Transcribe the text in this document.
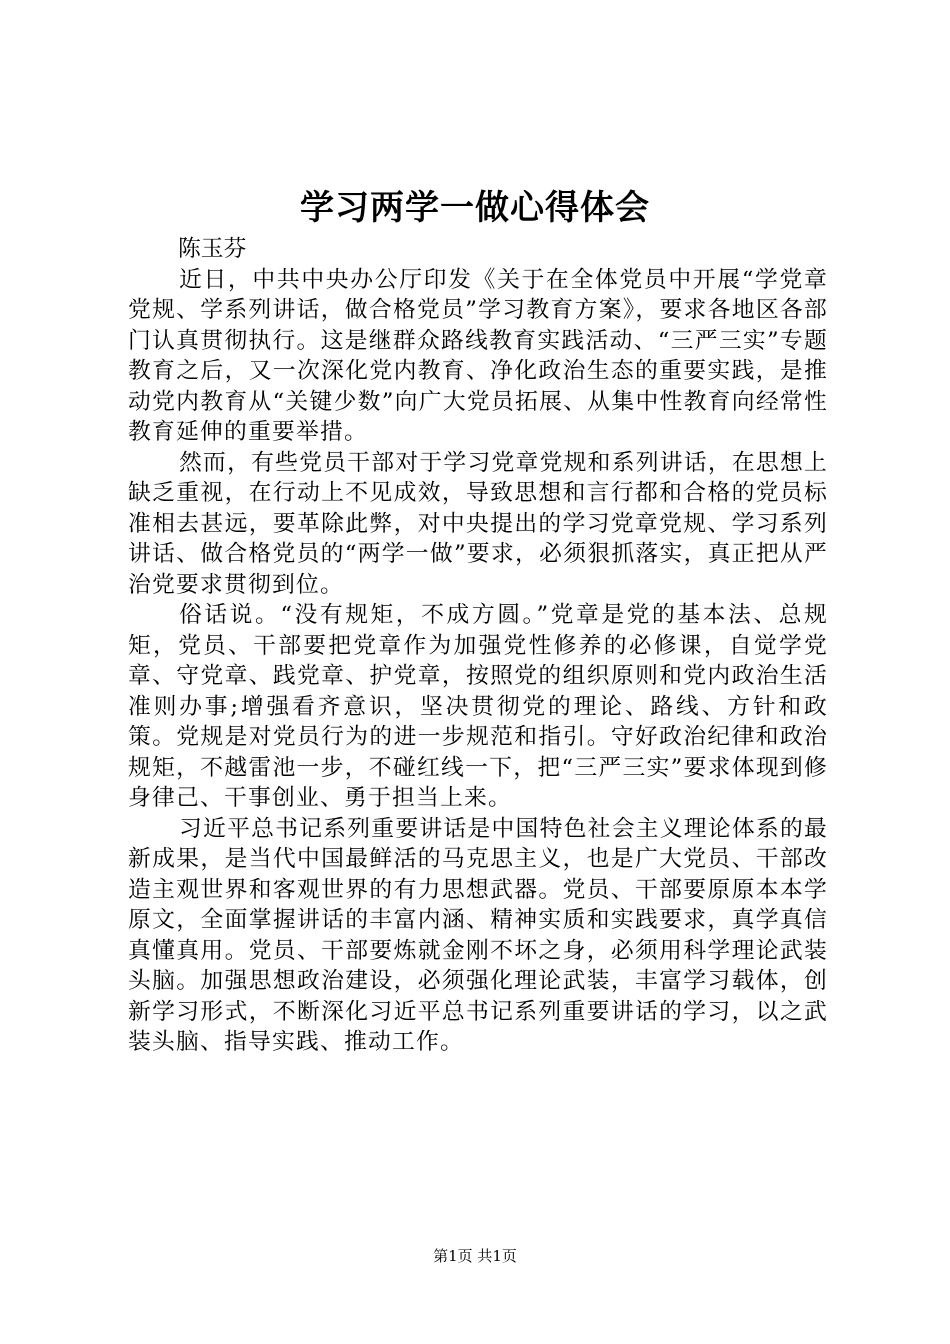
学习两学一做心得体会

陈玉芬

近日，中共中央办公厅印发《关于在全体党员中开展“学党章党规、学系列讲话，做合格党员”学习教育方案》，要求各地区各部门认真贯彻执行。这是继群众路线教育实践活动、“三严三实”专题教育之后，又一次深化党内教育、净化政治生态的重要实践，是推动党内教育从“关键少数”向广大党员拓展、从集中性教育向经常性教育延伸的重要举措。

然而，有些党员干部对于学习党章党规和系列讲话，在思想上缺乏重视，在行动上不见成效，导致思想和言行都和合格的党员标准相去甚远，要革除此弊，对中央提出的学习党章党规、学习系列讲话、做合格党员的“两学一做”要求，必须狠抓落实，真正把从严治党要求贯彻到位。

俗话说。“没有规矩，不成方圆。”党章是党的基本法、总规矩，党员、干部要把党章作为加强党性修养的必修课，自觉学党章、守党章、践党章、护党章，按照党的组织原则和党内政治生活准则办事;增强看齐意识，坚决贯彻党的理论、路线、方针和政策。党规是对党员行为的进一步规范和指引。守好政治纪律和政治规矩，不越雷池一步，不碰红线一下，把“三严三实”要求体现到修身律己、干事创业、勇于担当上来。

习近平总书记系列重要讲话是中国特色社会主义理论体系的最新成果，是当代中国最鲜活的马克思主义，也是广大党员、干部改造主观世界和客观世界的有力思想武器。党员、干部要原原本本学原文，全面掌握讲话的丰富内涵、精神实质和实践要求，真学真信真懂真用。党员、干部要炼就金刚不坏之身，必须用科学理论武装头脑。加强思想政治建设，必须强化理论武装，丰富学习载体，创新学习形式，不断深化习近平总书记系列重要讲话的学习，以之武装头脑、指导实践、推动工作。

第1页 共1页
